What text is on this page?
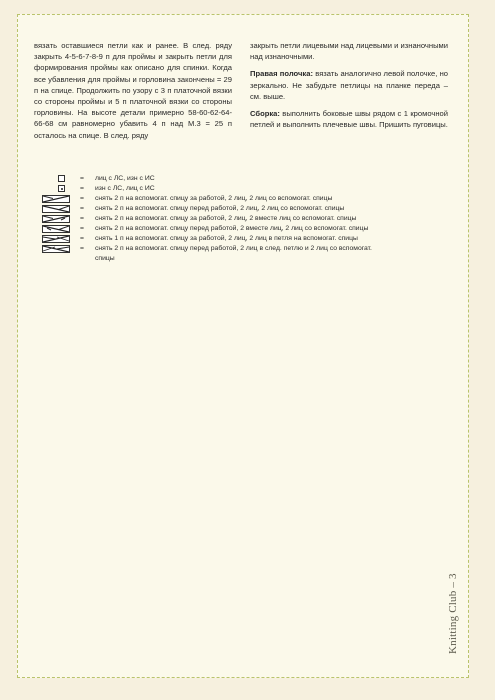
вязать оставшиеся петли как и ранее. В след. ряду закрыть 4-5-6-7-8-9 п для проймы и закрыть петли для формирования проймы как описано для спинки. Когда все убавления для проймы и горловина закончены = 29 п на спице. Продолжить по узору с 3 п платочной вязки со стороны проймы и 5 п платочной вязки со стороны горловины. На высоте детали примерно 58-60-62-64-66-68 см равномерно убавить 4 п над М.3 = 25 п осталось на спице. В след. ряду

закрыть петли лицевыми над лицевыми и изнаночными над изнаночными.

Правая полочка: вязать аналогично левой полочке, но зеркально. Не забудьте петлицы на планке переда – см. выше.

Сборка: выполнить боковые швы рядом с 1 кромочной петлей и выполнить плечевые швы. Пришить пуговицы.

= лиц с ЛС, изн с ИС
= изн с ЛС, лиц с ИС
= снять 2 п на вспомогат. спицу за работой, 2 лиц, 2 лиц со вспомогат. спицы
= снять 2 п на вспомогат. спицу перед работой, 2 лиц, 2 лиц со вспомогат. спицы
= снять 2 п на вспомогат. спицу за работой, 2 лиц, 2 вместе лиц со вспомогат. спицы
= снять 2 п на вспомогат. спицу перед работой, 2 вместе лиц, 2 лиц со вспомогат. спицы
= снять 1 п на вспомогат. спицу за работой, 2 лиц, 2 лиц в петля на вспомогат. спицы
= снять 2 п на вспомогат. спицу перед работой, 2 лиц в след. петлю и 2 лиц со вспомогат.
спицы
Knitting Club – 3
